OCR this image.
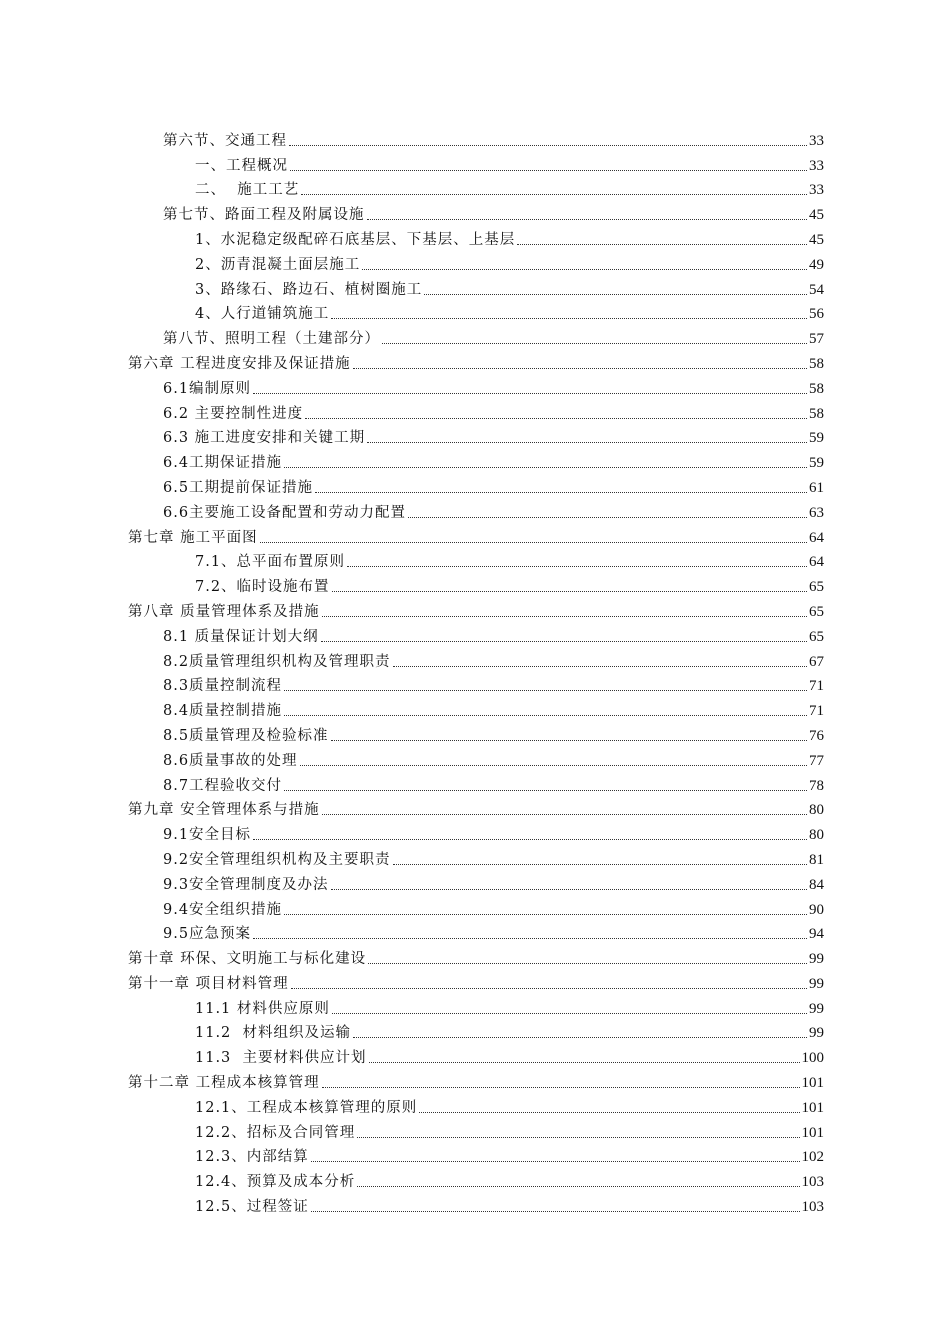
第六节、交通工程	33
一、工程概况	33
二、  施工工艺	33
第七节、路面工程及附属设施	45
1、水泥稳定级配碎石底基层、下基层、上基层	45
2、沥青混凝土面层施工	49
3、路缘石、路边石、植树圈施工	54
4、人行道铺筑施工	56
第八节、照明工程（土建部分）	57
第六章 工程进度安排及保证措施	58
6.1编制原则	58
6.2 主要控制性进度	58
6.3 施工进度安排和关键工期	59
6.4工期保证措施	59
6.5工期提前保证措施	61
6.6主要施工设备配置和劳动力配置	63
第七章 施工平面图	64
7.1、总平面布置原则	64
7.2、临时设施布置	65
第八章 质量管理体系及措施	65
8.1 质量保证计划大纲	65
8.2质量管理组织机构及管理职责	67
8.3质量控制流程	71
8.4质量控制措施	71
8.5质量管理及检验标准	76
8.6质量事故的处理	77
8.7工程验收交付	78
第九章 安全管理体系与措施	80
9.1安全目标	80
9.2安全管理组织机构及主要职责	81
9.3安全管理制度及办法	84
9.4安全组织措施	90
9.5应急预案	94
第十章 环保、文明施工与标化建设	99
第十一章 项目材料管理	99
11.1 材料供应原则	99
11.2  材料组织及运输	99
11.3  主要材料供应计划	100
第十二章 工程成本核算管理	101
12.1、工程成本核算管理的原则	101
12.2、招标及合同管理	101
12.3、内部结算	102
12.4、预算及成本分析	103
12.5、过程签证	103
